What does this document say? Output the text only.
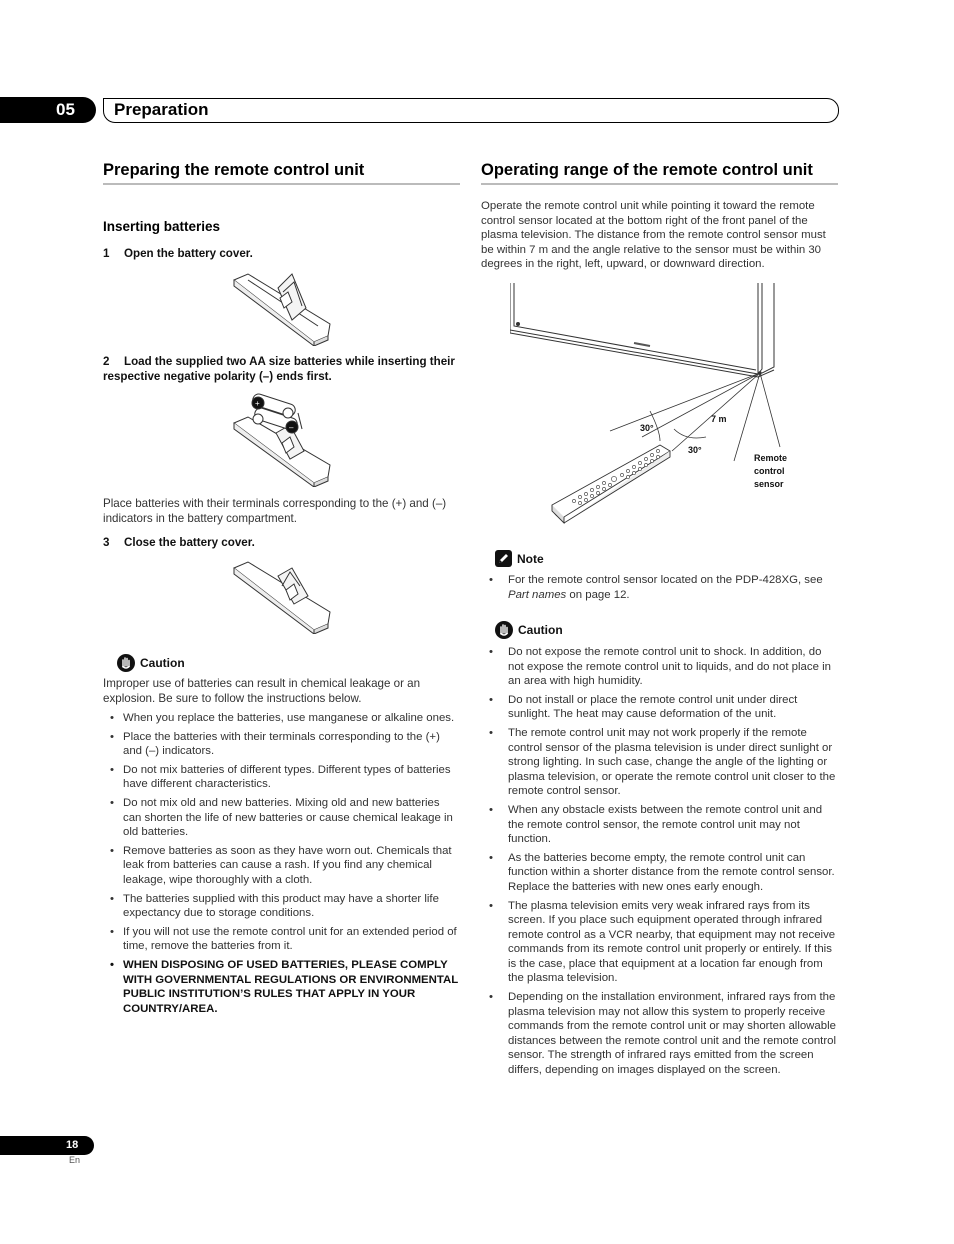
05	Preparation
Preparing the remote control unit
Inserting batteries
1 Open the battery cover.
2 Load the supplied two AA size batteries while inserting their respective negative polarity (–) ends first.
+
–
Place batteries with their terminals corresponding to the (+) and (–) indicators in the battery compartment.
3 Close the battery cover.
Caution
Improper use of batteries can result in chemical leakage or an explosion. Be sure to follow the instructions below.
• When you replace the batteries, use manganese or alkaline ones.
• Place the batteries with their terminals corresponding to the (+) and (–) indicators.
• Do not mix batteries of different types. Different types of batteries have different characteristics.
• Do not mix old and new batteries. Mixing old and new batteries can shorten the life of new batteries or cause chemical leakage in old batteries.
• Remove batteries as soon as they have worn out. Chemicals that leak from batteries can cause a rash. If you find any chemical leakage, wipe thoroughly with a cloth.
• The batteries supplied with this product may have a shorter life expectancy due to storage conditions.
• If you will not use the remote control unit for an extended period of time, remove the batteries from it.
• WHEN DISPOSING OF USED BATTERIES, PLEASE COMPLY WITH GOVERNMENTAL REGULATIONS OR ENVIRONMENTAL PUBLIC INSTITUTION’S RULES THAT APPLY IN YOUR COUNTRY/AREA.
Operating range of the remote control unit
Operate the remote control unit while pointing it toward the remote control sensor located at the bottom right of the front panel of the plasma television. The distance from the remote control sensor must be within 7 m and the angle relative to the sensor must be within 30 degrees in the right, left, upward, or downward direction.
7 m
30°
30°
Remote
control
sensor
Note
• For the remote control sensor located on the PDP-428XG, see Part names on page 12.
Caution
• Do not expose the remote control unit to shock. In addition, do not expose the remote control unit to liquids, and do not place in an area with high humidity.
• Do not install or place the remote control unit under direct sunlight. The heat may cause deformation of the unit.
• The remote control unit may not work properly if the remote control sensor of the plasma television is under direct sunlight or strong lighting. In such case, change the angle of the lighting or plasma television, or operate the remote control unit closer to the remote control sensor.
• When any obstacle exists between the remote control unit and the remote control sensor, the remote control unit may not function.
• As the batteries become empty, the remote control unit can function within a shorter distance from the remote control sensor. Replace the batteries with new ones early enough.
• The plasma television emits very weak infrared rays from its screen. If you place such equipment operated through infrared remote control as a VCR nearby, that equipment may not receive commands from its remote control unit properly or entirely. If this is the case, place that equipment at a location far enough from the plasma television.
• Depending on the installation environment, infrared rays from the plasma television may not allow this system to properly receive commands from the remote control unit or may shorten allowable distances between the remote control unit and the remote control sensor. The strength of infrared rays emitted from the screen differs, depending on images displayed on the screen.
18
En
